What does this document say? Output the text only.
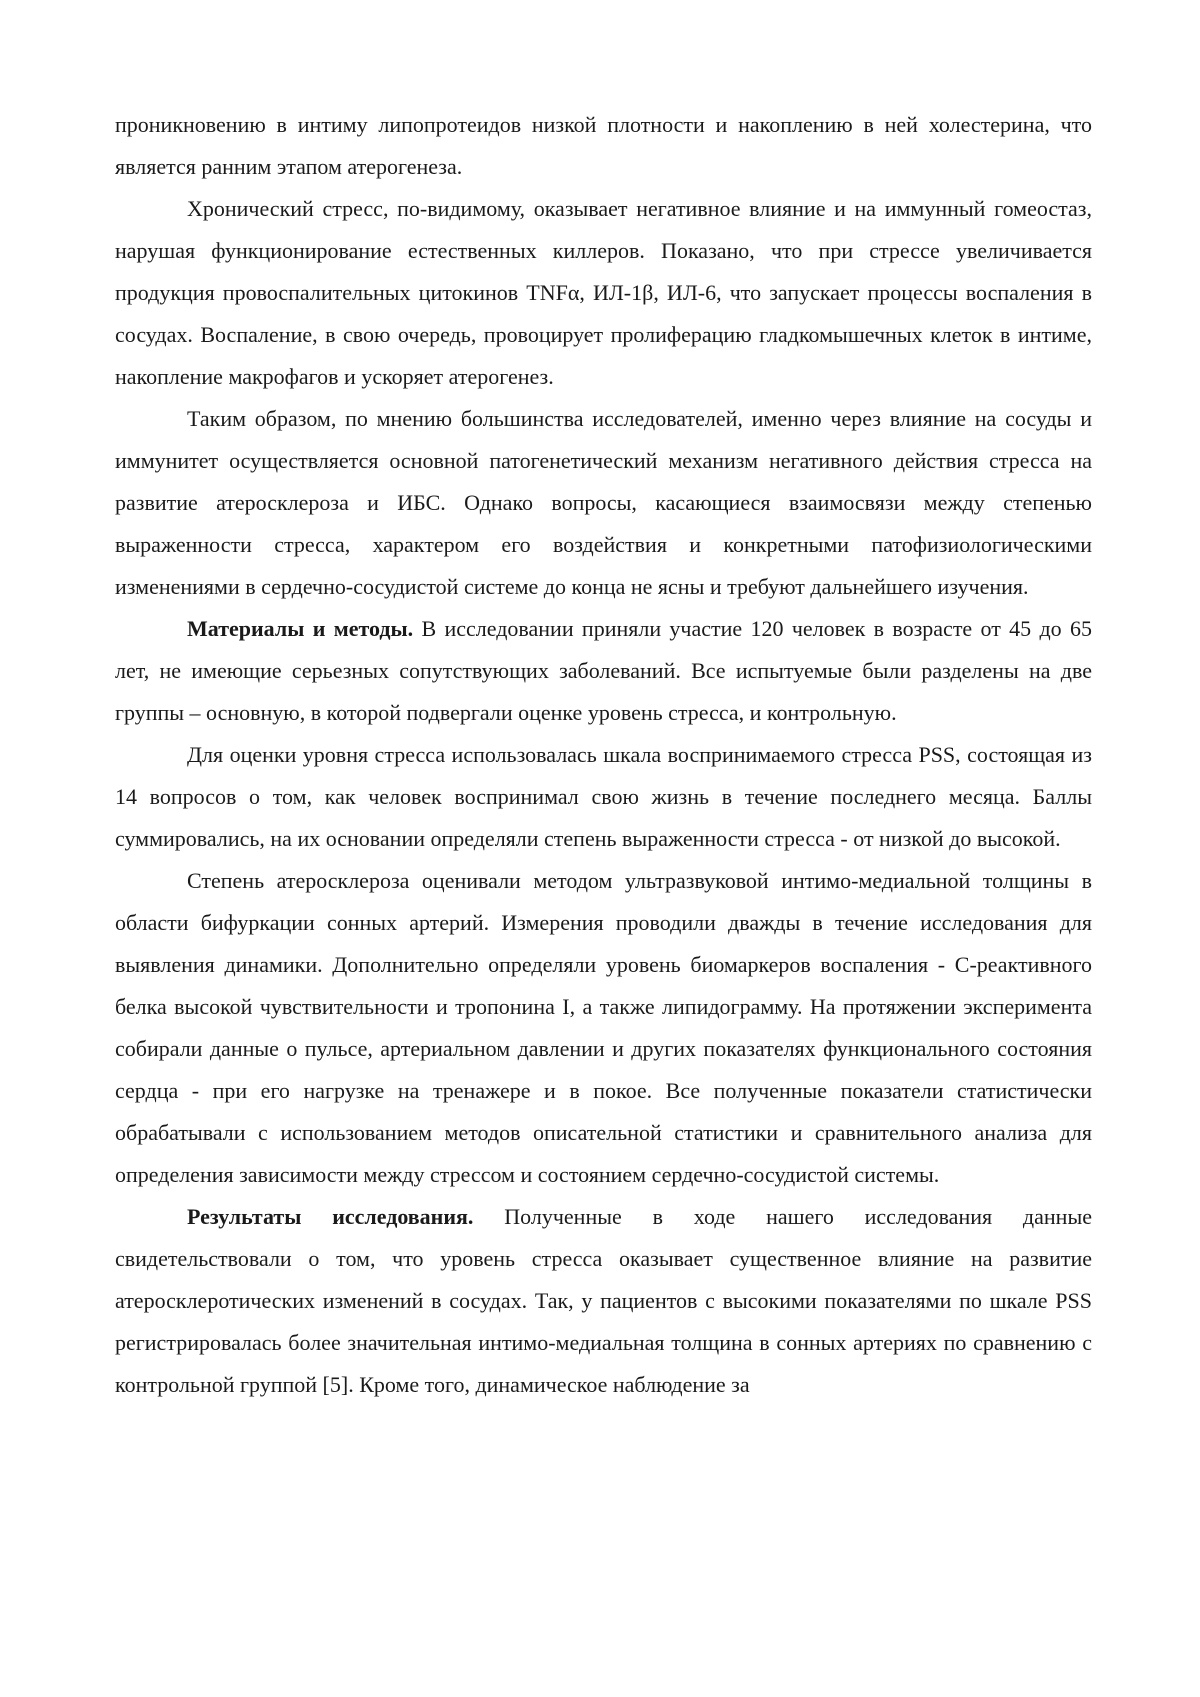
проникновению в интиму липопротеидов низкой плотности и накоплению в ней холестерина, что является ранним этапом атерогенеза.

Хронический стресс, по-видимому, оказывает негативное влияние и на иммунный гомеостаз, нарушая функционирование естественных киллеров. Показано, что при стрессе увеличивается продукция провоспалительных цитокинов TNFα, ИЛ-1β, ИЛ-6, что запускает процессы воспаления в сосудах. Воспаление, в свою очередь, провоцирует пролиферацию гладкомышечных клеток в интиме, накопление макрофагов и ускоряет атерогенез.

Таким образом, по мнению большинства исследователей, именно через влияние на сосуды и иммунитет осуществляется основной патогенетический механизм негативного действия стресса на развитие атеросклероза и ИБС. Однако вопросы, касающиеся взаимосвязи между степенью выраженности стресса, характером его воздействия и конкретными патофизиологическими изменениями в сердечно-сосудистой системе до конца не ясны и требуют дальнейшего изучения.

Материалы и методы. В исследовании приняли участие 120 человек в возрасте от 45 до 65 лет, не имеющие серьезных сопутствующих заболеваний. Все испытуемые были разделены на две группы – основную, в которой подвергали оценке уровень стресса, и контрольную.

Для оценки уровня стресса использовалась шкала воспринимаемого стресса PSS, состоящая из 14 вопросов о том, как человек воспринимал свою жизнь в течение последнего месяца. Баллы суммировались, на их основании определяли степень выраженности стресса - от низкой до высокой.

Степень атеросклероза оценивали методом ультразвуковой интимо-медиальной толщины в области бифуркации сонных артерий. Измерения проводили дважды в течение исследования для выявления динамики. Дополнительно определяли уровень биомаркеров воспаления - С-реактивного белка высокой чувствительности и тропонина I, а также липидограмму. На протяжении эксперимента собирали данные о пульсе, артериальном давлении и других показателях функционального состояния сердца - при его нагрузке на тренажере и в покое. Все полученные показатели статистически обрабатывали с использованием методов описательной статистики и сравнительного анализа для определения зависимости между стрессом и состоянием сердечно-сосудистой системы.

Результаты исследования. Полученные в ходе нашего исследования данные свидетельствовали о том, что уровень стресса оказывает существенное влияние на развитие атеросклеротических изменений в сосудах. Так, у пациентов с высокими показателями по шкале PSS регистрировалась более значительная интимо-медиальная толщина в сонных артериях по сравнению с контрольной группой [5]. Кроме того, динамическое наблюдение за
